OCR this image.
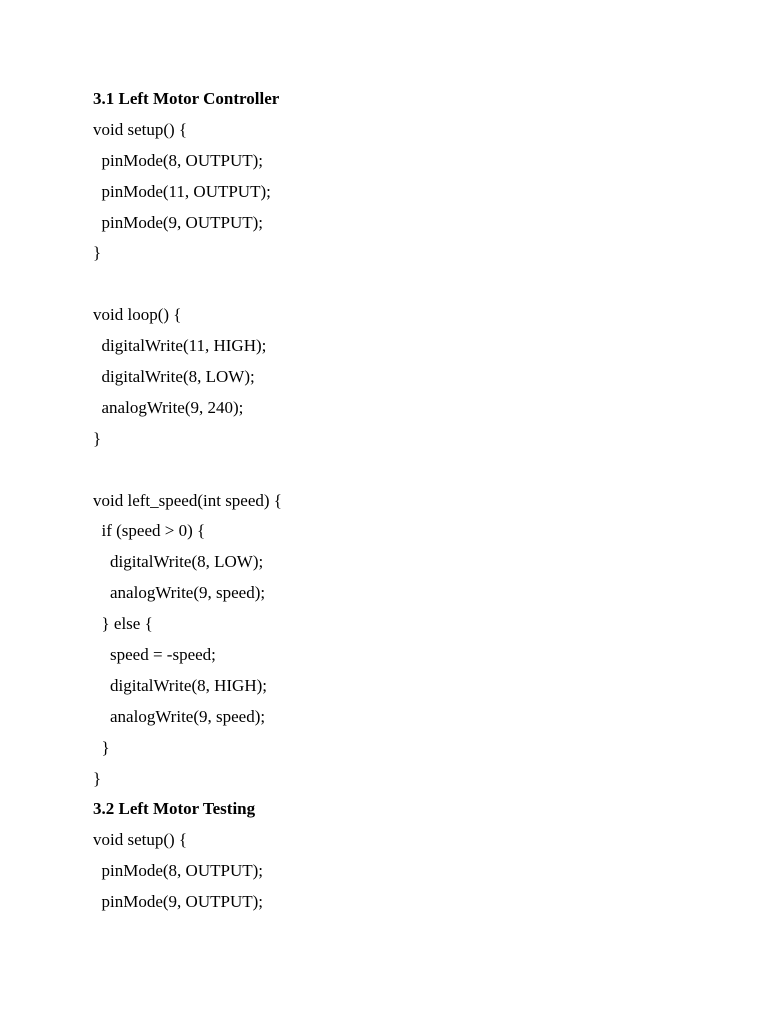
3.1 Left Motor Controller
void setup() {
pinMode(8, OUTPUT);
pinMode(11, OUTPUT);
pinMode(9, OUTPUT);
}
void loop() {
digitalWrite(11, HIGH);
digitalWrite(8, LOW);
analogWrite(9, 240);
}
void left_speed(int speed) {
if (speed > 0) {
digitalWrite(8, LOW);
analogWrite(9, speed);
} else {
speed = -speed;
digitalWrite(8, HIGH);
analogWrite(9, speed);
}
}
3.2 Left Motor Testing
void setup() {
pinMode(8, OUTPUT);
pinMode(9, OUTPUT);
